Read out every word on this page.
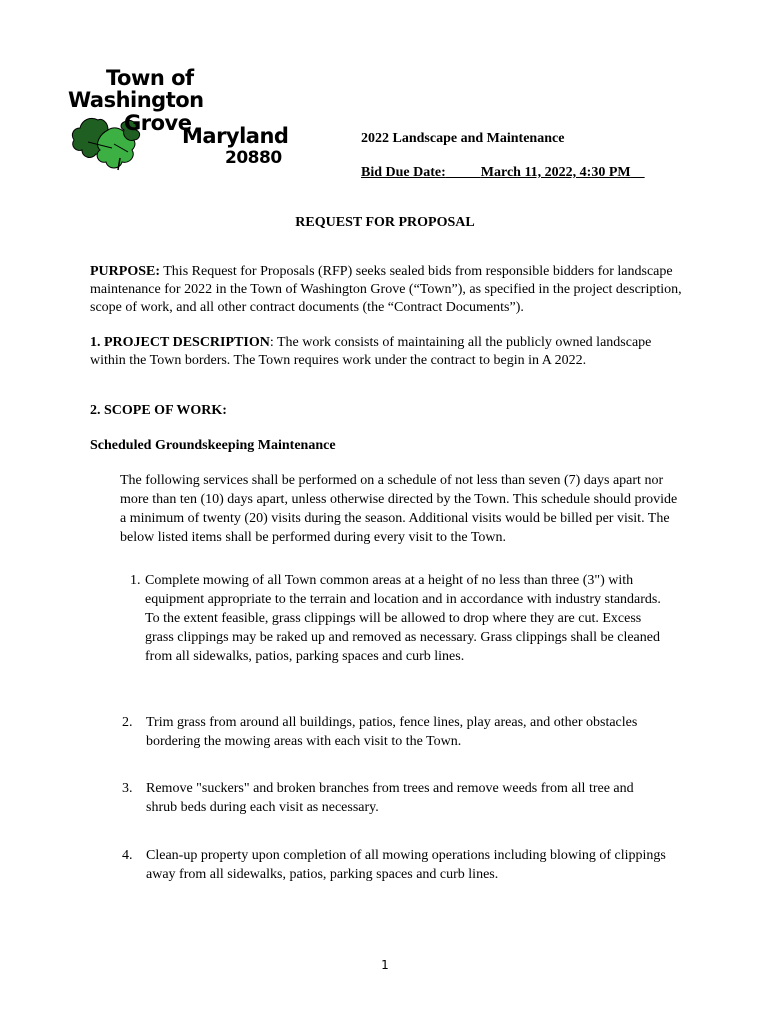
Town of
Washington
Grove
Maryland
20880
2022 Landscape and Maintenance
Bid Due Date:	March 11, 2022, 4:30 PM
REQUEST FOR PROPOSAL
PURPOSE: This Request for Proposals (RFP) seeks sealed bids from responsible bidders for landscape maintenance for 2022 in the Town of Washington Grove (“Town”), as specified in the project description, scope of work, and all other contract documents (the “Contract Documents”).
1. PROJECT DESCRIPTION: The work consists of maintaining all the publicly owned landscape within the Town borders. The Town requires work under the contract to begin in A 2022.
2. SCOPE OF WORK:
Scheduled Groundskeeping Maintenance
The following services shall be performed on a schedule of not less than seven (7) days apart nor more than ten (10) days apart, unless otherwise directed by the Town. This schedule should provide a minimum of twenty (20) visits during the season. Additional visits would be billed per visit. The below listed items shall be performed during every visit to the Town.
1. Complete mowing of all Town common areas at a height of no less than three (3") with equipment appropriate to the terrain and location and in accordance with industry standards. To the extent feasible, grass clippings will be allowed to drop where they are cut. Excess grass clippings may be raked up and removed as necessary. Grass clippings shall be cleaned from all sidewalks, patios, parking spaces and curb lines.
2. Trim grass from around all buildings, patios, fence lines, play areas, and other obstacles bordering the mowing areas with each visit to the Town.
3. Remove "suckers" and broken branches from trees and remove weeds from all tree and shrub beds during each visit as necessary.
4. Clean-up property upon completion of all mowing operations including blowing of clippings away from all sidewalks, patios, parking spaces and curb lines.
1
